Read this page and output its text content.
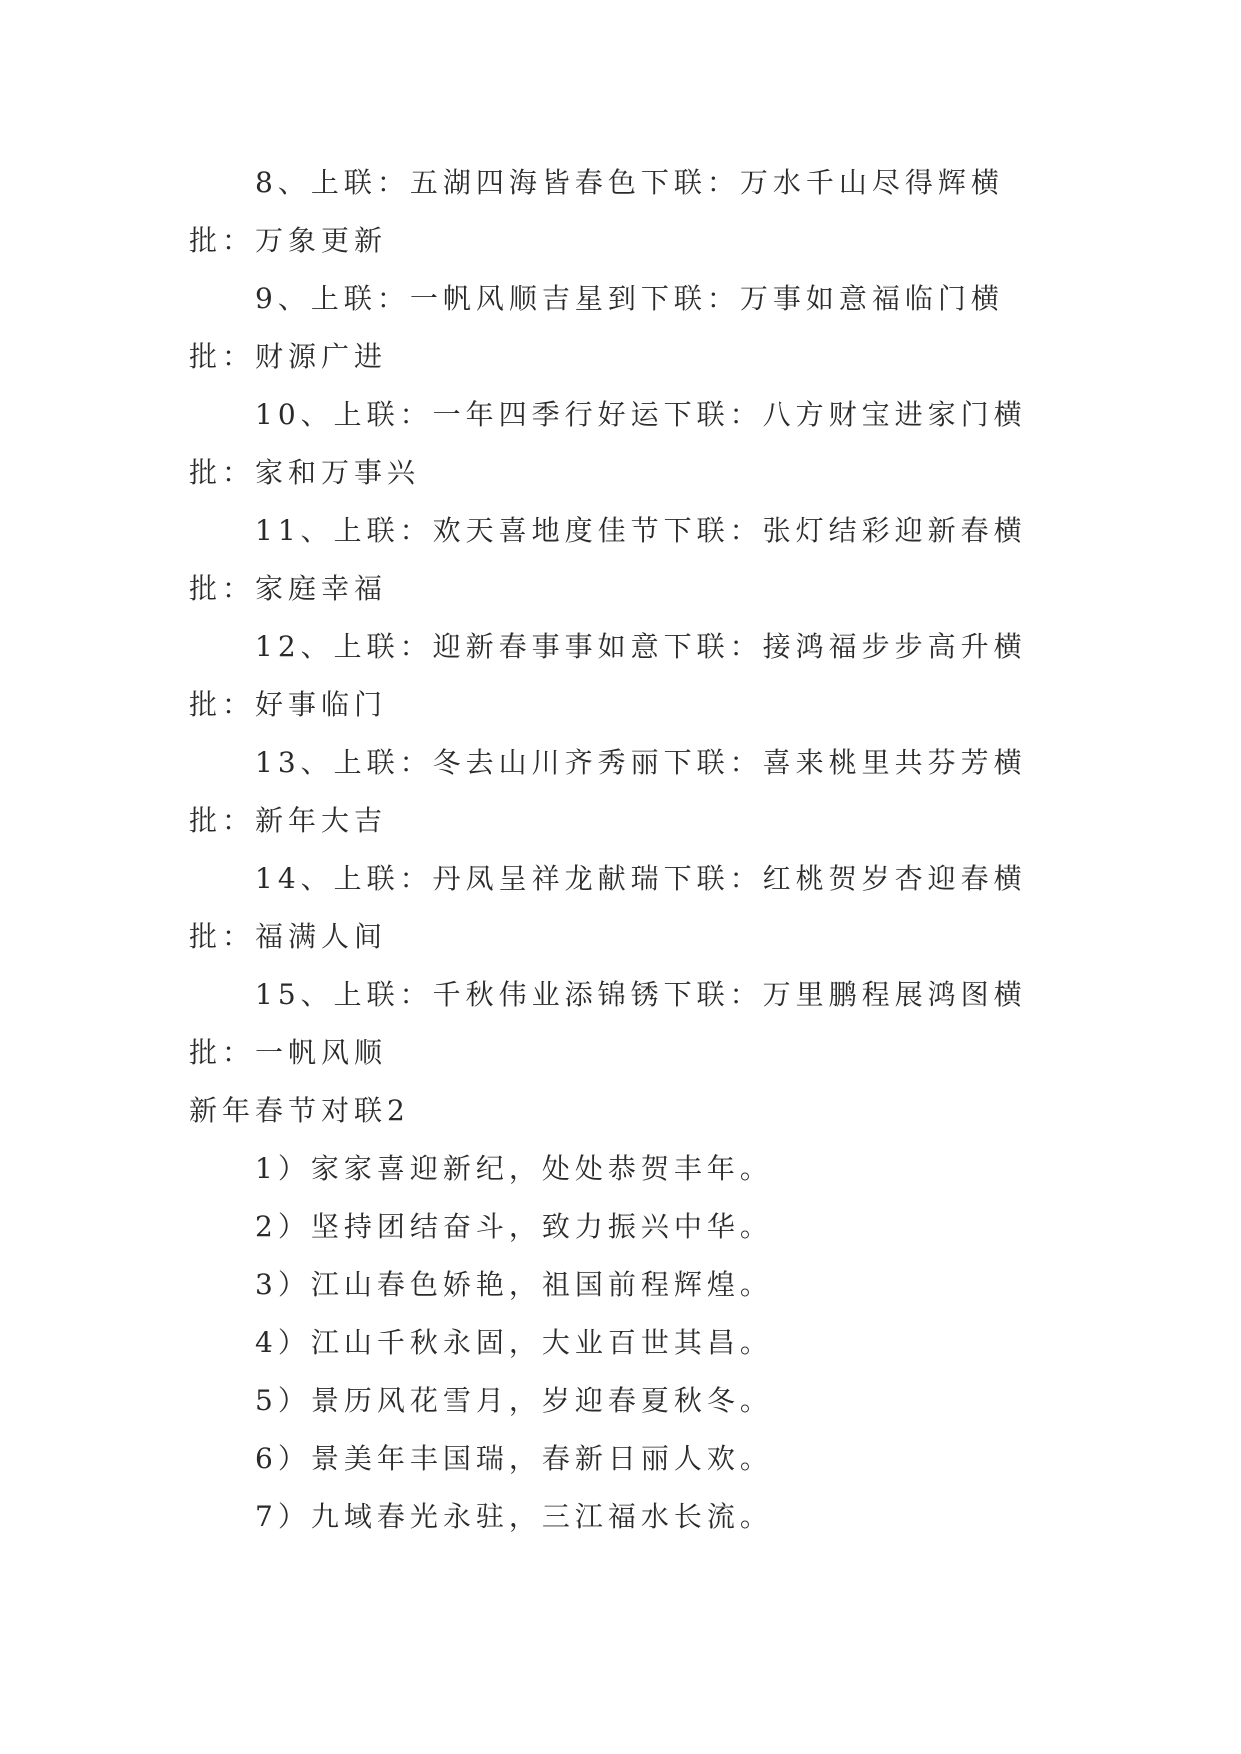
8、上联：五湖四海皆春色下联：万水千山尽得辉横批：万象更新

9、上联：一帆风顺吉星到下联：万事如意福临门横批：财源广进

10、上联：一年四季行好运下联：八方财宝进家门横批：家和万事兴

11、上联：欢天喜地度佳节下联：张灯结彩迎新春横批：家庭幸福

12、上联：迎新春事事如意下联：接鸿福步步高升横批：好事临门

13、上联：冬去山川齐秀丽下联：喜来桃里共芬芳横批：新年大吉

14、上联：丹凤呈祥龙献瑞下联：红桃贺岁杏迎春横批：福满人间

15、上联：千秋伟业添锦锈下联：万里鹏程展鸿图横批：一帆风顺

新年春节对联2

1）家家喜迎新纪，处处恭贺丰年。

2）坚持团结奋斗，致力振兴中华。

3）江山春色娇艳，祖国前程辉煌。

4）江山千秋永固，大业百世其昌。

5）景历风花雪月，岁迎春夏秋冬。

6）景美年丰国瑞，春新日丽人欢。

7）九域春光永驻，三江福水长流。
